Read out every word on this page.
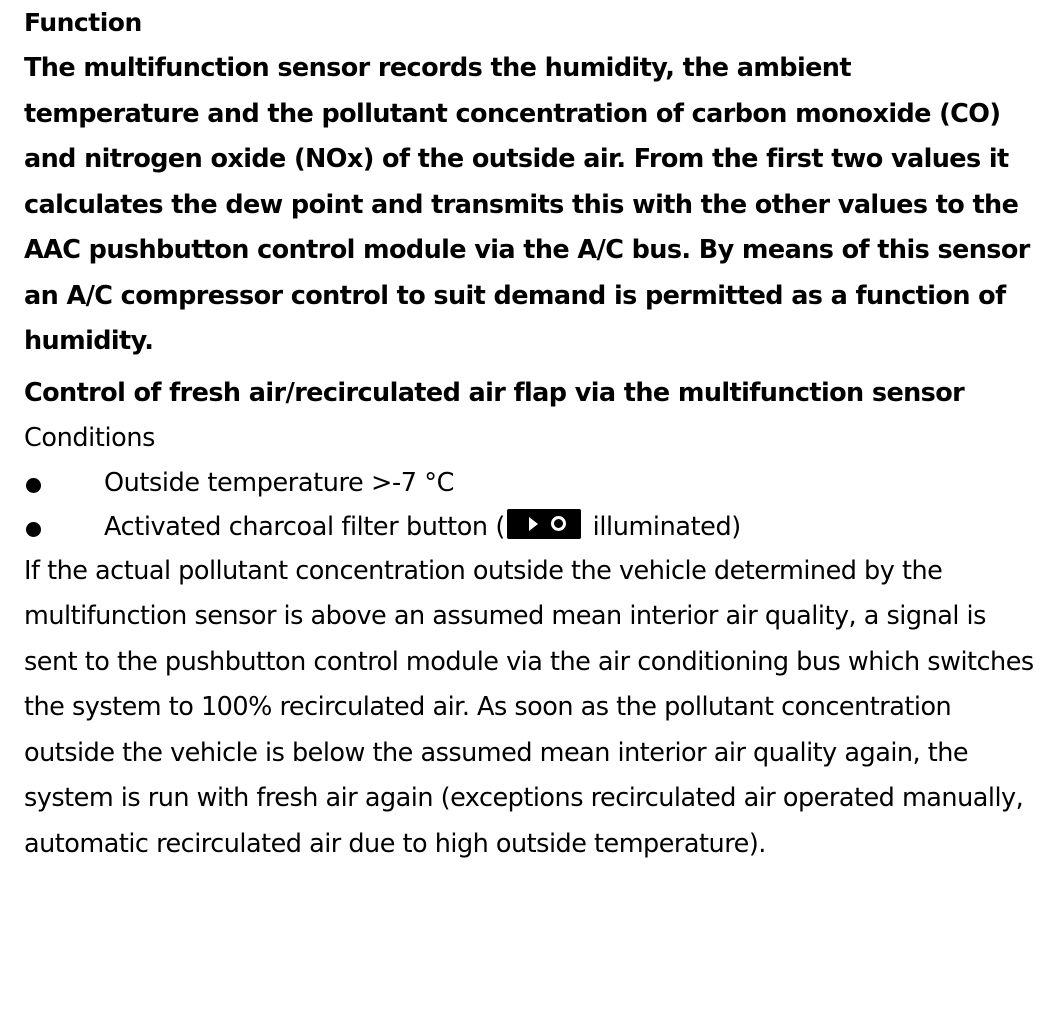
Function

The multifunction sensor records the humidity, the ambient temperature and the pollutant concentration of carbon monoxide (CO) and nitrogen oxide (NOx) of the outside air. From the first two values it calculates the dew point and transmits this with the other values to the AAC pushbutton control module via the A/C bus. By means of this sensor an A/C compressor control to suit demand is permitted as a function of humidity.

Control of fresh air/recirculated air flap via the multifunction sensor

Conditions

Outside temperature >-7 °C
Activated charcoal filter button (	illuminated)

If the actual pollutant concentration outside the vehicle determined by the multifunction sensor is above an assumed mean interior air quality, a signal is sent to the pushbutton control module via the air conditioning bus which switches the system to 100% recirculated air. As soon as the pollutant concentration outside the vehicle is below the assumed mean interior air quality again, the system is run with fresh air again (exceptions recirculated air operated manually, automatic recirculated air due to high outside temperature).
